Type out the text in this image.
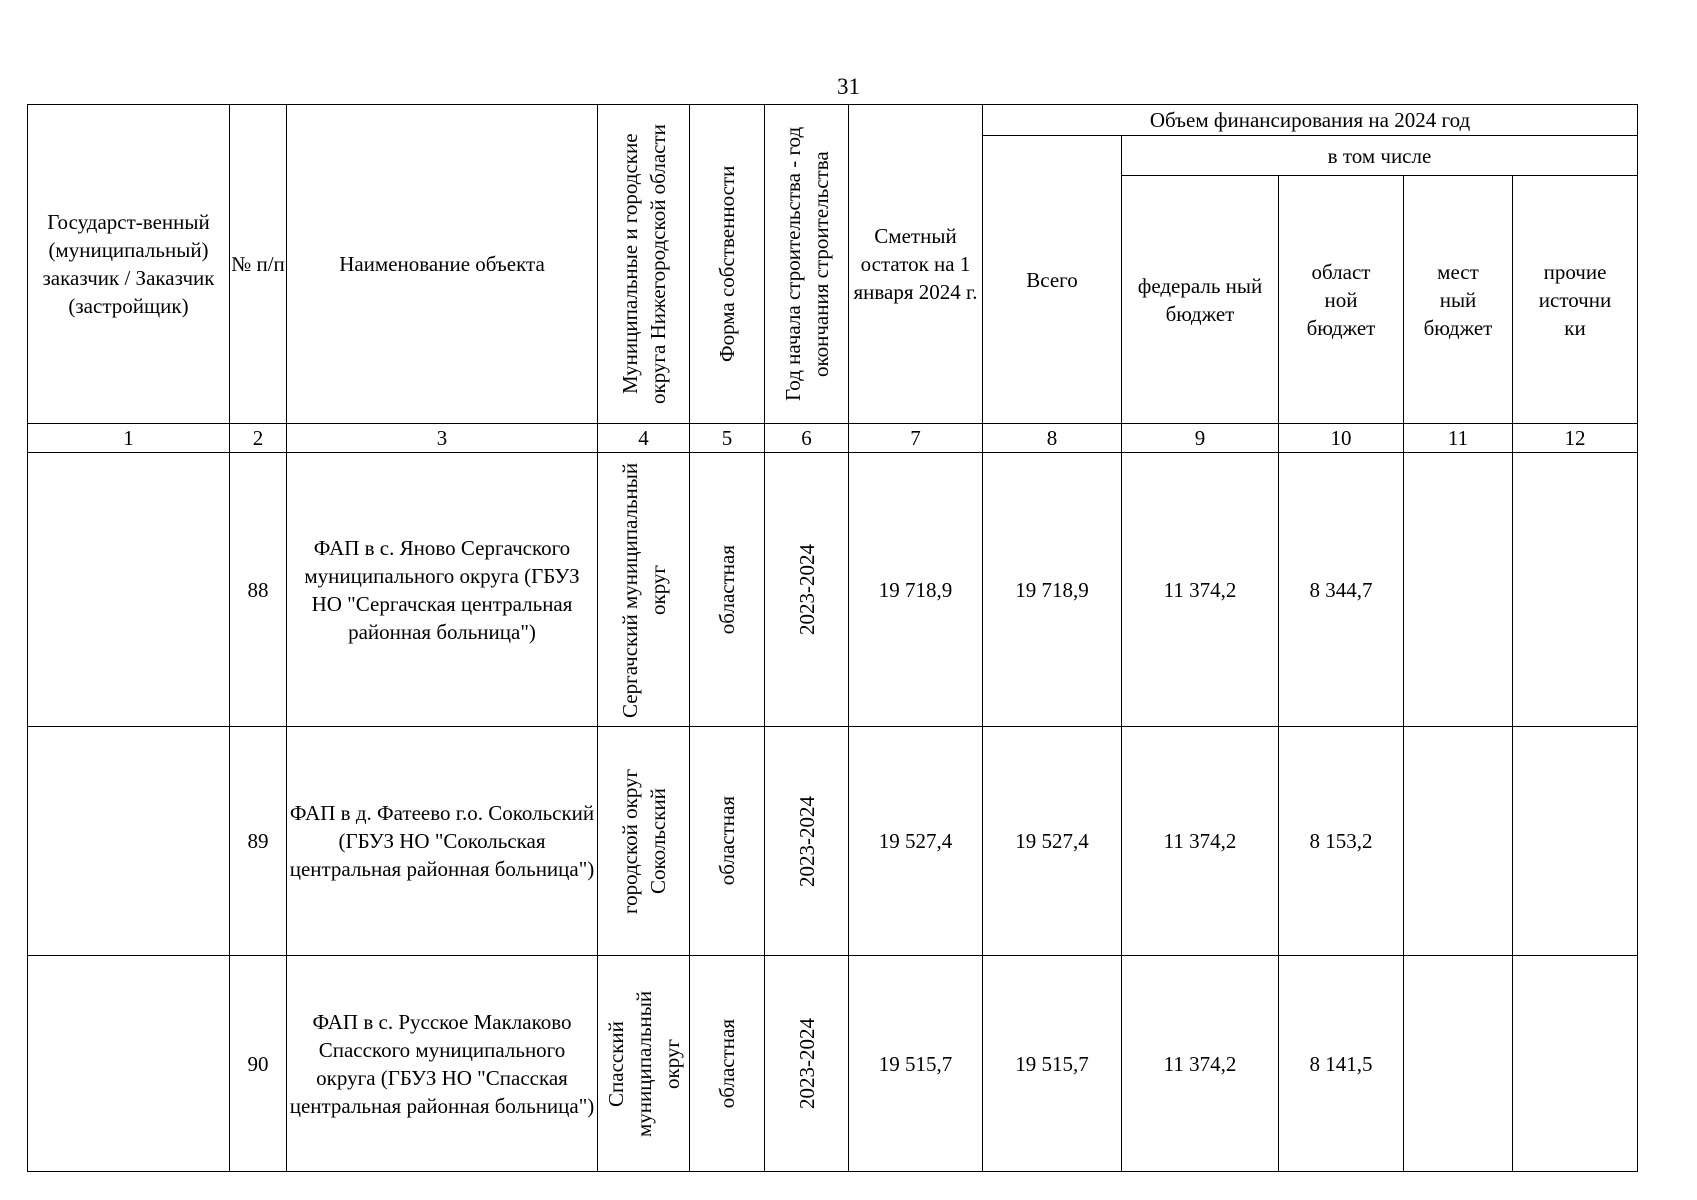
31
Государст-венный (муниципальный) заказчик / Заказчик (застройщик)	№ п/п	Наименование объекта	Муниципальные и городские округа Нижегородской области	Форма собственности	Год начала строительства - год окончания строительства	Сметный остаток на 1 января 2024 г.	Объем финансирования на 2024 год				
							Всего	в том числе			
								федераль ный бюджет	област ной бюджет	мест ный бюджет	прочие источни ки
1	2	3	4	5	6	7	8	9	10	11	12
	88	ФАП в с. Яново Сергачского муниципального округа (ГБУЗ НО "Сергачская центральная районная больница")	Сергачский муниципальный округ	областная	2023-2024	19 718,9	19 718,9	11 374,2	8 344,7		
	89	ФАП в д. Фатеево г.о. Сокольский (ГБУЗ НО "Сокольская центральная районная больница")	городской округ Сокольский	областная	2023-2024	19 527,4	19 527,4	11 374,2	8 153,2		
	90	ФАП в с. Русское Маклаково Спасского муниципального округа (ГБУЗ НО "Спасская центральная районная больница")	Спасский муниципальный округ	областная	2023-2024	19 515,7	19 515,7	11 374,2	8 141,5		
